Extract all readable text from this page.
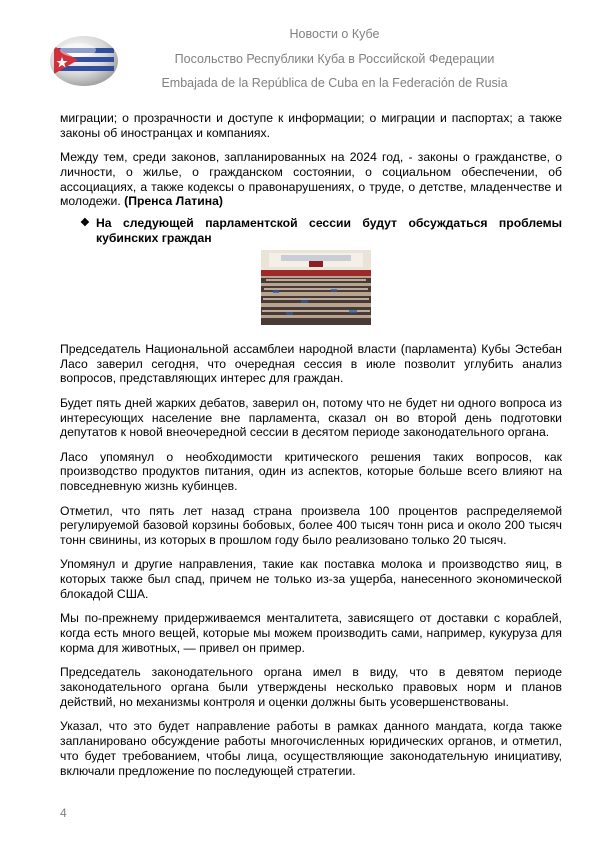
Новости о Кубе
Посольство Республики Куба в Российской Федерации
Embajada de la República de Cuba en la Federación de Rusia

миграции; о прозрачности и доступе к информации; о миграции и паспортах; а также законы об иностранцах и компаниях.

Между тем, среди законов, запланированных на 2024 год, - законы о гражданстве, о личности, о жилье, о гражданском состоянии, о социальном обеспечении, об ассоциациях, а также кодексы о правонарушениях, о труде, о детстве, младенчестве и молодежи. (Пренса Латина)

❖ На следующей парламентской сессии будут обсуждаться проблемы кубинских граждан

Председатель Национальной ассамблеи народной власти (парламента) Кубы Эстебан Ласо заверил сегодня, что очередная сессия в июле позволит углубить анализ вопросов, представляющих интерес для граждан.

Будет пять дней жарких дебатов, заверил он, потому что не будет ни одного вопроса из интересующих население вне парламента, сказал он во второй день подготовки депутатов к новой внеочередной сессии в десятом периоде законодательного органа.

Ласо упомянул о необходимости критического решения таких вопросов, как производство продуктов питания, один из аспектов, которые больше всего влияют на повседневную жизнь кубинцев.

Отметил, что пять лет назад страна произвела 100 процентов распределяемой регулируемой базовой корзины бобовых, более 400 тысяч тонн риса и около 200 тысяч тонн свинины, из которых в прошлом году было реализовано только 20 тысяч.

Упомянул и другие направления, такие как поставка молока и производство яиц, в которых также был спад, причем не только из-за ущерба, нанесенного экономической блокадой США.

Мы по-прежнему придерживаемся менталитета, зависящего от доставки с кораблей, когда есть много вещей, которые мы можем производить сами, например, кукуруза для корма для животных, — привел он пример.

Председатель законодательного органа имел в виду, что в девятом периоде законодательного органа были утверждены несколько правовых норм и планов действий, но механизмы контроля и оценки должны быть усовершенствованы.

Указал, что это будет направление работы в рамках данного мандата, когда также запланировано обсуждение работы многочисленных юридических органов, и отметил, что будет требованием, чтобы лица, осуществляющие законодательную инициативу, включали предложение по последующей стратегии.

4
